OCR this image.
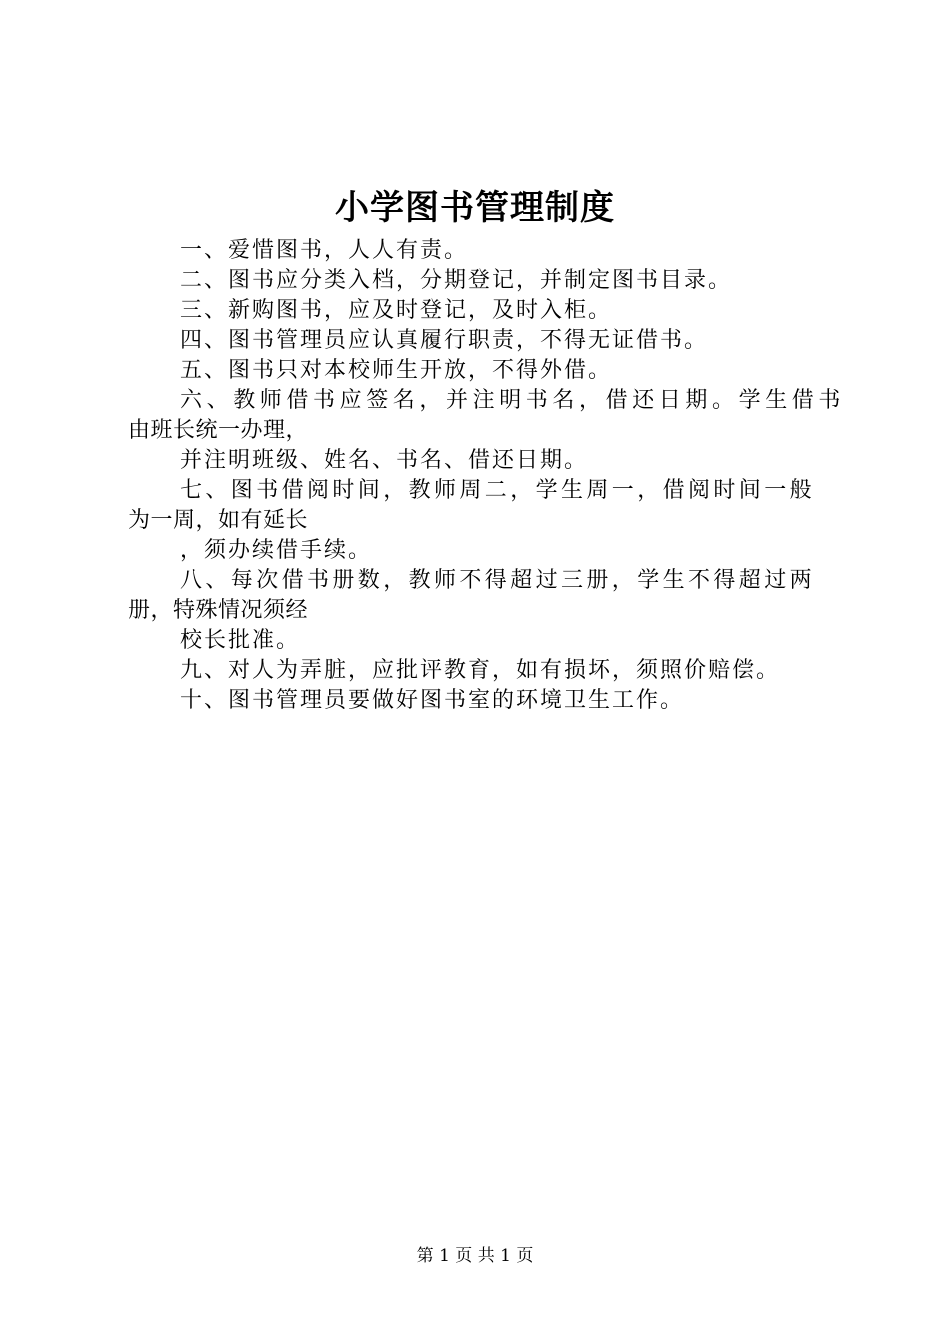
小学图书管理制度
一、爱惜图书，人人有责。
二、图书应分类入档，分期登记，并制定图书目录。
三、新购图书，应及时登记，及时入柜。
四、图书管理员应认真履行职责，不得无证借书。
五、图书只对本校师生开放，不得外借。
六、教师借书应签名，并注明书名，借还日期。学生借书
由班长统一办理，
并注明班级、姓名、书名、借还日期。
七、图书借阅时间，教师周二，学生周一，借阅时间一般
为一周，如有延长
，须办续借手续。
八、每次借书册数，教师不得超过三册，学生不得超过两
册，特殊情况须经
校长批准。
九、对人为弄脏，应批评教育，如有损坏，须照价赔偿。
十、图书管理员要做好图书室的环境卫生工作。
第 1 页 共 1 页
